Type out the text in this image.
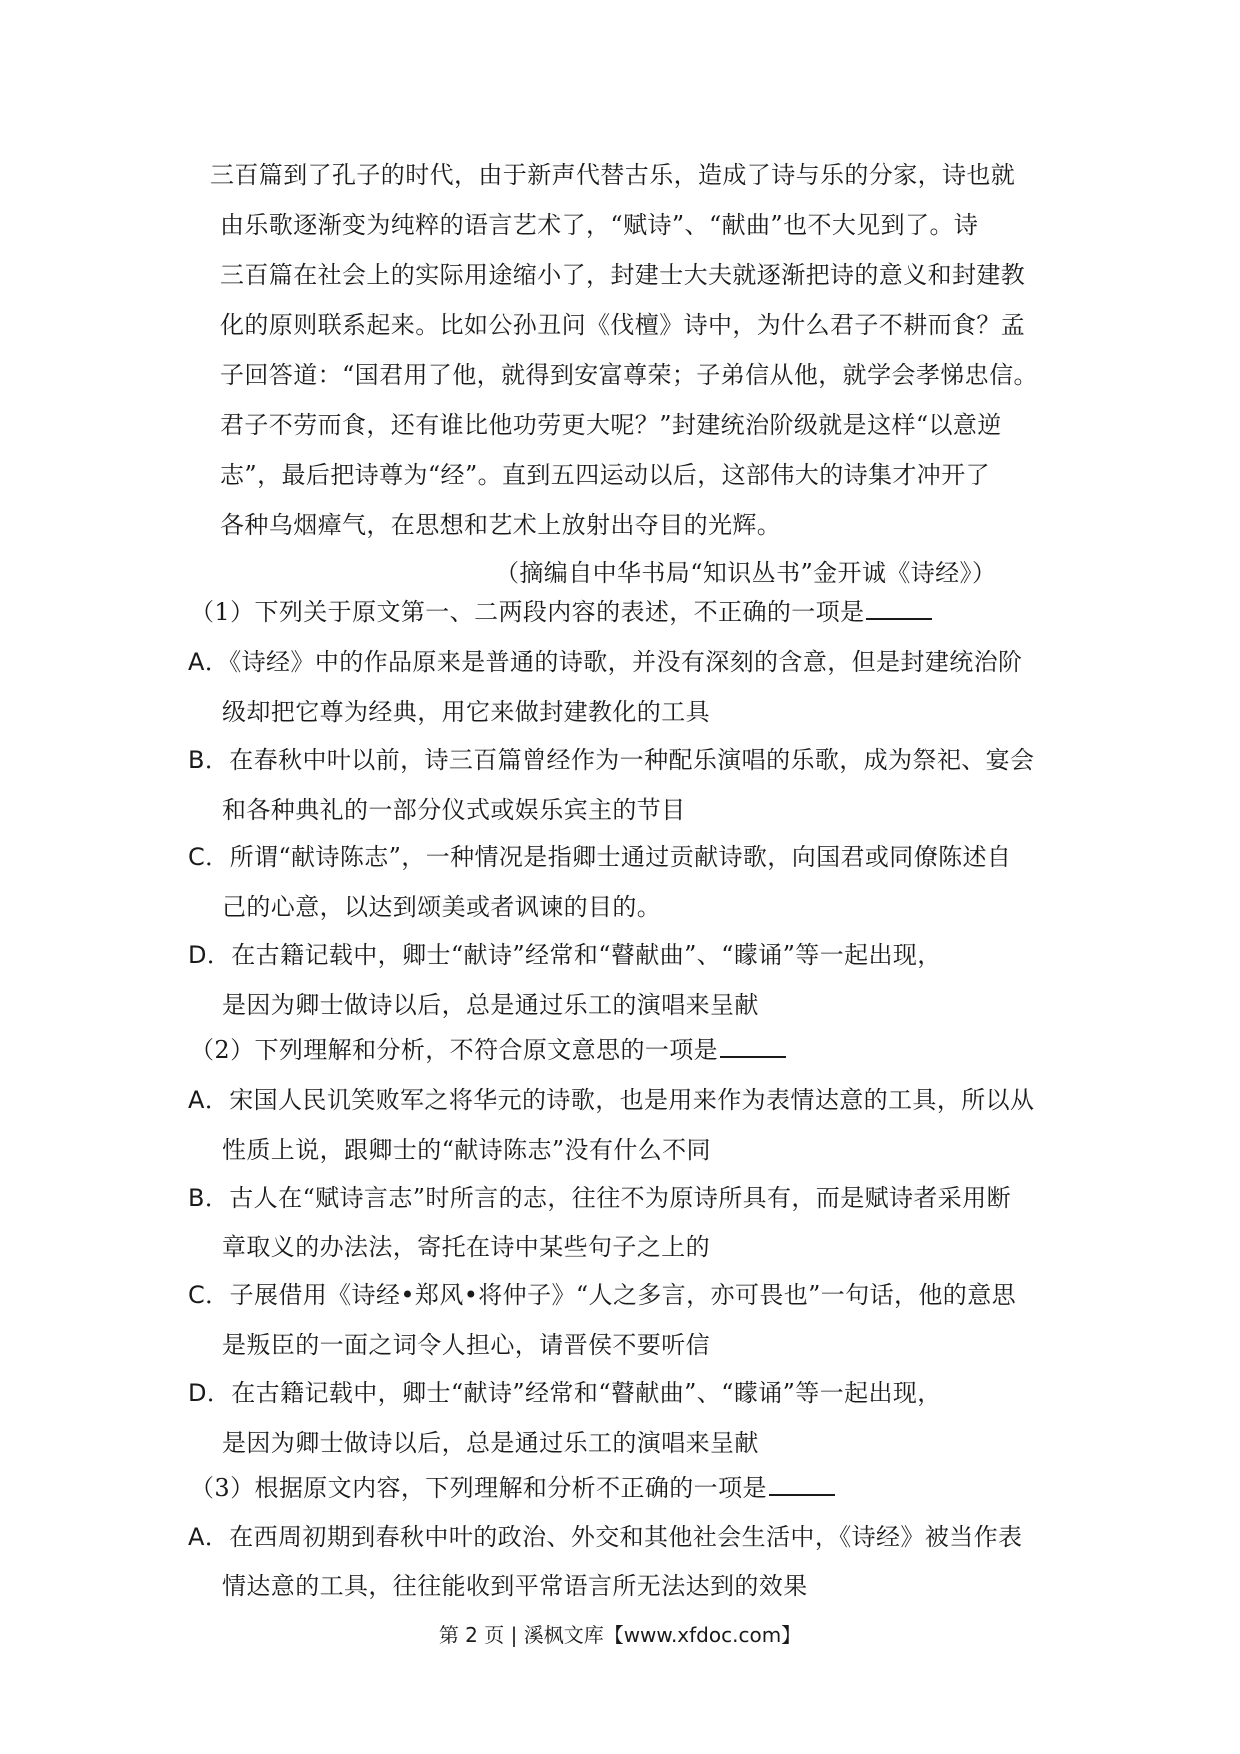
三百篇到了孔子的时代，由于新声代替古乐，造成了诗与乐的分家，诗也就
由乐歌逐渐变为纯粹的语言艺术了，“赋诗”、“献曲”也不大见到了。诗
三百篇在社会上的实际用途缩小了，封建士大夫就逐渐把诗的意义和封建教
化的原则联系起来。比如公孙丑问《伐檀》诗中，为什么君子不耕而食？孟
子回答道：“国君用了他，就得到安富尊荣；子弟信从他，就学会孝悌忠信。
君子不劳而食，还有谁比他功劳更大呢？”封建统治阶级就是这样“以意逆
志”，最后把诗尊为“经”。直到五四运动以后，这部伟大的诗集才冲开了
各种乌烟瘴气，在思想和艺术上放射出夺目的光辉。
（摘编自中华书局“知识丛书”金开诚《诗经》）
（1）下列关于原文第一、二两段内容的表述，不正确的一项是
A．《诗经》中的作品原来是普通的诗歌，并没有深刻的含意，但是封建统治阶
级却把它尊为经典，用它来做封建教化的工具
B．在春秋中叶以前，诗三百篇曾经作为一种配乐演唱的乐歌，成为祭祀、宴会
和各种典礼的一部分仪式或娱乐宾主的节目
C．所谓“献诗陈志”，一种情况是指卿士通过贡献诗歌，向国君或同僚陈述自
己的心意，以达到颂美或者讽谏的目的。
D．在古籍记载中，卿士“献诗”经常和“瞽献曲”、“矇诵”等一起出现，
是因为卿士做诗以后，总是通过乐工的演唱来呈献
（2）下列理解和分析，不符合原文意思的一项是
A．宋国人民讥笑败军之将华元的诗歌，也是用来作为表情达意的工具，所以从
性质上说，跟卿士的“献诗陈志”没有什么不同
B．古人在“赋诗言志”时所言的志，往往不为原诗所具有，而是赋诗者采用断
章取义的办法法，寄托在诗中某些句子之上的
C．子展借用《诗经•郑风•将仲子》“人之多言，亦可畏也”一句话，他的意思
是叛臣的一面之词令人担心，请晋侯不要听信
D．在古籍记载中，卿士“献诗”经常和“瞽献曲”、“矇诵”等一起出现，
是因为卿士做诗以后，总是通过乐工的演唱来呈献
（3）根据原文内容，下列理解和分析不正确的一项是
A．在西周初期到春秋中叶的政治、外交和其他社会生活中，《诗经》被当作表
情达意的工具，往往能收到平常语言所无法达到的效果
第 2 页 | 溪枫文库【www.xfdoc.com】
